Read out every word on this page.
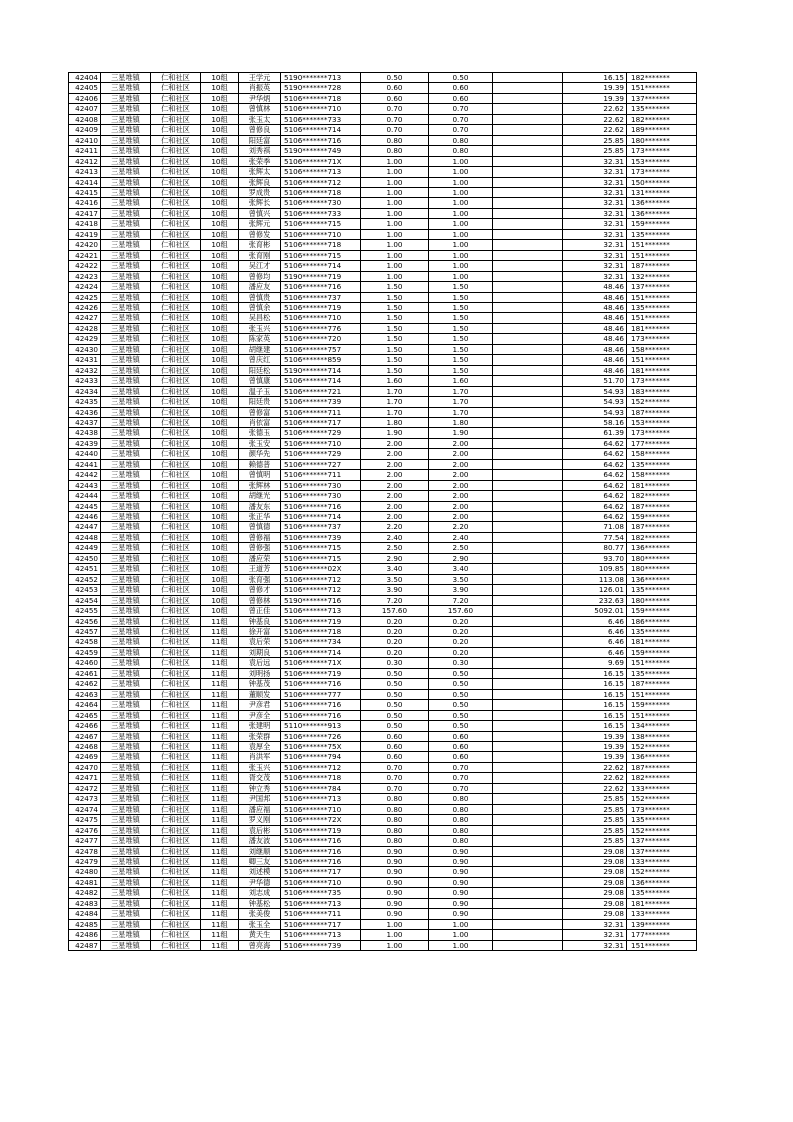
42404	三星堆镇	仁和社区	10组	王学元	5190*******713	0.50	0.50		16.15	182*******
42405	三星堆镇	仁和社区	10组	肖振英	5190*******728	0.60	0.60		19.39	151*******
42406	三星堆镇	仁和社区	10组	尹华炳	5106*******718	0.60	0.60		19.39	137*******
42407	三星堆镇	仁和社区	10组	曾慎林	5106*******710	0.70	0.70		22.62	135*******
42408	三星堆镇	仁和社区	10组	张玉太	5106*******733	0.70	0.70		22.62	182*******
42409	三星堆镇	仁和社区	10组	曾修良	5106*******714	0.70	0.70		22.62	189*******
42410	三星堆镇	仁和社区	10组	阳廷富	5106*******716	0.80	0.80		25.85	180*******
42411	三星堆镇	仁和社区	10组	刘秀祺	5190*******749	0.80	0.80		25.85	173*******
42412	三星堆镇	仁和社区	10组	张荣季	5106*******71X	1.00	1.00		32.31	153*******
42413	三星堆镇	仁和社区	10组	张辉太	5106*******713	1.00	1.00		32.31	173*******
42414	三星堆镇	仁和社区	10组	张辉良	5106*******712	1.00	1.00		32.31	150*******
42415	三星堆镇	仁和社区	10组	罗成贵	5106*******718	1.00	1.00		32.31	131*******
42416	三星堆镇	仁和社区	10组	张辉长	5106*******730	1.00	1.00		32.31	136*******
42417	三星堆镇	仁和社区	10组	曾慎兴	5106*******733	1.00	1.00		32.31	136*******
42418	三星堆镇	仁和社区	10组	张辉元	5106*******715	1.00	1.00		32.31	159*******
42419	三星堆镇	仁和社区	10组	曾修发	5106*******710	1.00	1.00		32.31	135*******
42420	三星堆镇	仁和社区	10组	张育彬	5106*******718	1.00	1.00		32.31	151*******
42421	三星堆镇	仁和社区	10组	张育刚	5106*******715	1.00	1.00		32.31	151*******
42422	三星堆镇	仁和社区	10组	吴江才	5106*******714	1.00	1.00		32.31	187*******
42423	三星堆镇	仁和社区	10组	曾修均	5190*******719	1.00	1.00		32.31	132*******
42424	三星堆镇	仁和社区	10组	潘应友	5106*******716	1.50	1.50		48.46	137*******
42425	三星堆镇	仁和社区	10组	曾慎贵	5106*******737	1.50	1.50		48.46	151*******
42426	三星堆镇	仁和社区	10组	曾慎余	5106*******719	1.50	1.50		48.46	135*******
42427	三星堆镇	仁和社区	10组	吴昌松	5106*******710	1.50	1.50		48.46	151*******
42428	三星堆镇	仁和社区	10组	张玉兴	5106*******776	1.50	1.50		48.46	181*******
42429	三星堆镇	仁和社区	10组	陈家英	5106*******720	1.50	1.50		48.46	173*******
42430	三星堆镇	仁和社区	10组	胡继建	5106*******757	1.50	1.50		48.46	158*******
42431	三星堆镇	仁和社区	10组	曾庆红	5106*******859	1.50	1.50		48.46	151*******
42432	三星堆镇	仁和社区	10组	阳廷松	5190*******714	1.50	1.50		48.46	181*******
42433	三星堆镇	仁和社区	10组	曾慎康	5106*******714	1.60	1.60		51.70	173*******
42434	三星堆镇	仁和社区	10组	温子玉	5106*******721	1.70	1.70		54.93	183*******
42435	三星堆镇	仁和社区	10组	阳廷贵	5106*******739	1.70	1.70		54.93	152*******
42436	三星堆镇	仁和社区	10组	曾修富	5106*******711	1.70	1.70		54.93	187*******
42437	三星堆镇	仁和社区	10组	肖依富	5106*******717	1.80	1.80		58.16	153*******
42438	三星堆镇	仁和社区	10组	张德玉	5106*******729	1.90	1.90		61.39	173*******
42439	三星堆镇	仁和社区	10组	张玉安	5106*******710	2.00	2.00		64.62	177*******
42440	三星堆镇	仁和社区	10组	颜华先	5106*******729	2.00	2.00		64.62	158*******
42441	三星堆镇	仁和社区	10组	赖德普	5106*******727	2.00	2.00		64.62	135*******
42442	三星堆镇	仁和社区	10组	曾慎明	5106*******711	2.00	2.00		64.62	158*******
42443	三星堆镇	仁和社区	10组	张辉林	5106*******730	2.00	2.00		64.62	181*******
42444	三星堆镇	仁和社区	10组	胡继光	5106*******730	2.00	2.00		64.62	182*******
42445	三星堆镇	仁和社区	10组	潘友东	5106*******716	2.00	2.00		64.62	187*******
42446	三星堆镇	仁和社区	10组	张正华	5106*******714	2.00	2.00		64.62	159*******
42447	三星堆镇	仁和社区	10组	曾慎德	5106*******737	2.20	2.20		71.08	187*******
42448	三星堆镇	仁和社区	10组	曾修福	5106*******739	2.40	2.40		77.54	182*******
42449	三星堆镇	仁和社区	10组	曾修强	5106*******715	2.50	2.50		80.77	136*******
42450	三星堆镇	仁和社区	10组	潘应荣	5106*******715	2.90	2.90		93.70	180*******
42451	三星堆镇	仁和社区	10组	王道芳	5106*******02X	3.40	3.40		109.85	180*******
42452	三星堆镇	仁和社区	10组	张育强	5106*******712	3.50	3.50		113.08	136*******
42453	三星堆镇	仁和社区	10组	曾修才	5106*******712	3.90	3.90		126.01	135*******
42454	三星堆镇	仁和社区	10组	曾修林	5190*******716	7.20	7.20		232.63	180*******
42455	三星堆镇	仁和社区	10组	曾正佳	5106*******713	157.60	157.60		5092.01	159*******
42456	三星堆镇	仁和社区	11组	钟基良	5106*******719	0.20	0.20		6.46	186*******
42457	三星堆镇	仁和社区	11组	徐开富	5106*******718	0.20	0.20		6.46	135*******
42458	三星堆镇	仁和社区	11组	袁后荣	5106*******734	0.20	0.20		6.46	181*******
42459	三星堆镇	仁和社区	11组	刘期良	5106*******714	0.20	0.20		6.46	159*******
42460	三星堆镇	仁和社区	11组	袁后远	5106*******71X	0.30	0.30		9.69	151*******
42461	三星堆镇	仁和社区	11组	刘明扬	5106*******719	0.50	0.50		16.15	135*******
42462	三星堆镇	仁和社区	11组	钟基茂	5106*******716	0.50	0.50		16.15	187*******
42463	三星堆镇	仁和社区	11组	董顺发	5106*******777	0.50	0.50		16.15	151*******
42464	三星堆镇	仁和社区	11组	尹彦君	5106*******716	0.50	0.50		16.15	159*******
42465	三星堆镇	仁和社区	11组	尹彦全	5106*******716	0.50	0.50		16.15	151*******
42466	三星堆镇	仁和社区	11组	张建明	5110*******913	0.50	0.50		16.15	134*******
42467	三星堆镇	仁和社区	11组	张荣群	5106*******726	0.60	0.60		19.39	138*******
42468	三星堆镇	仁和社区	11组	袁厚全	5106*******75X	0.60	0.60		19.39	152*******
42469	三星堆镇	仁和社区	11组	肖洪军	5106*******794	0.60	0.60		19.39	136*******
42470	三星堆镇	仁和社区	11组	张玉兴	5106*******712	0.70	0.70		22.62	187*******
42471	三星堆镇	仁和社区	11组	胥交茂	5106*******718	0.70	0.70		22.62	182*******
42472	三星堆镇	仁和社区	11组	钟立秀	5106*******784	0.70	0.70		22.62	133*******
42473	三星堆镇	仁和社区	11组	尹国邦	5106*******713	0.80	0.80		25.85	152*******
42474	三星堆镇	仁和社区	11组	潘应福	5106*******710	0.80	0.80		25.85	173*******
42475	三星堆镇	仁和社区	11组	罗义刚	5106*******72X	0.80	0.80		25.85	135*******
42476	三星堆镇	仁和社区	11组	袁后彬	5106*******719	0.80	0.80		25.85	152*******
42477	三星堆镇	仁和社区	11组	潘友波	5106*******716	0.80	0.80		25.85	137*******
42478	三星堆镇	仁和社区	11组	刘继顺	5106*******716	0.90	0.90		29.08	137*******
42479	三星堆镇	仁和社区	11组	卿三友	5106*******716	0.90	0.90		29.08	133*******
42480	三星堆镇	仁和社区	11组	刘述模	5106*******717	0.90	0.90		29.08	152*******
42481	三星堆镇	仁和社区	11组	尹华德	5106*******710	0.90	0.90		29.08	136*******
42482	三星堆镇	仁和社区	11组	刘志成	5106*******735	0.90	0.90		29.08	135*******
42483	三星堆镇	仁和社区	11组	钟基松	5106*******713	0.90	0.90		29.08	181*******
42484	三星堆镇	仁和社区	11组	张美俊	5106*******711	0.90	0.90		29.08	133*******
42485	三星堆镇	仁和社区	11组	张玉全	5106*******717	1.00	1.00		32.31	139*******
42486	三星堆镇	仁和社区	11组	黄天生	5106*******713	1.00	1.00		32.31	177*******
42487	三星堆镇	仁和社区	11组	曾亮海	5106*******739	1.00	1.00		32.31	151*******
